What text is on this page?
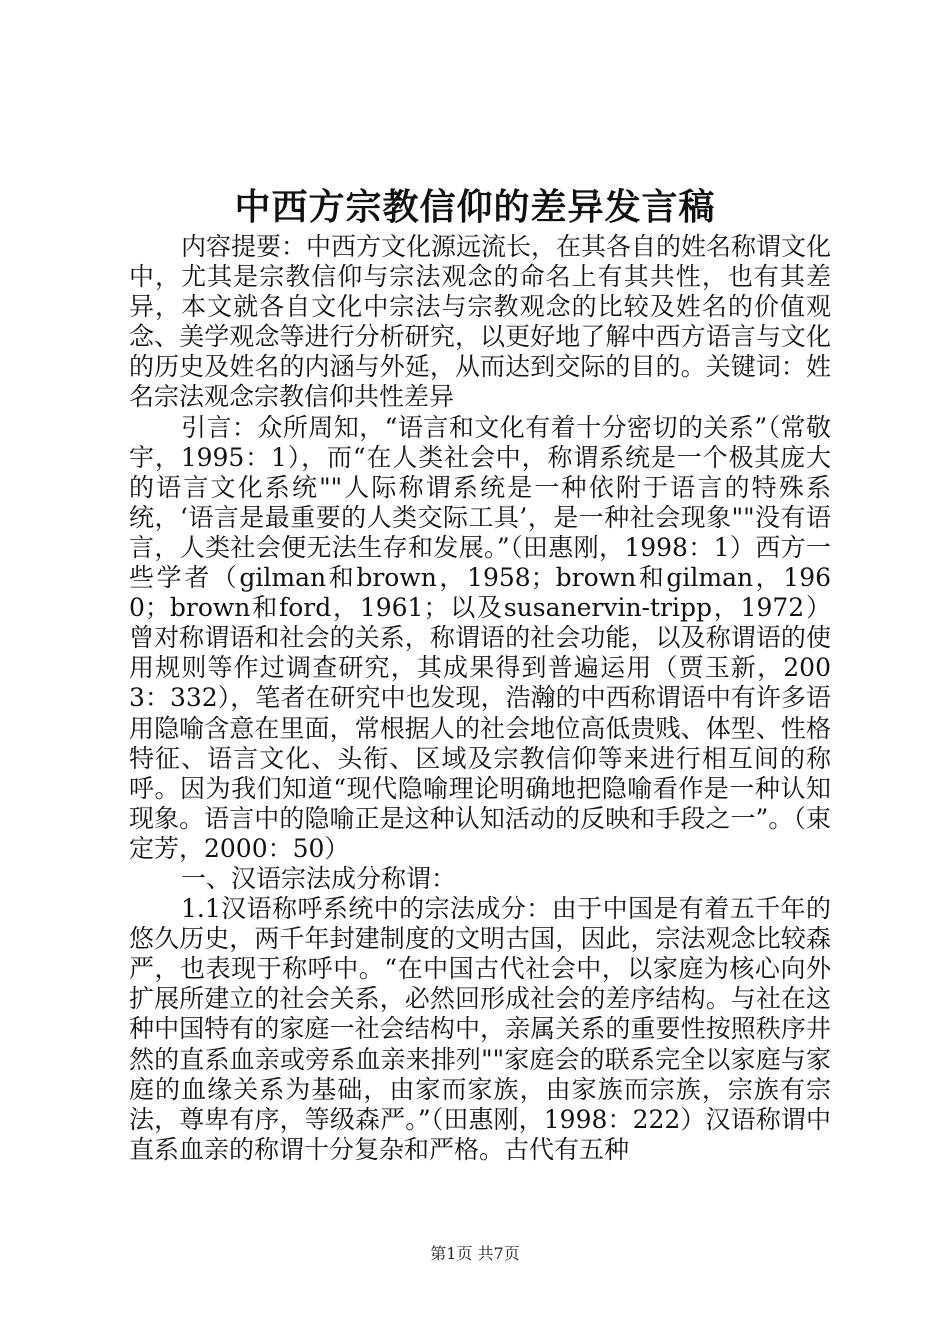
中西方宗教信仰的差异发言稿

内容提要：中西方文化源远流长，在其各自的姓名称谓文化中，尤其是宗教信仰与宗法观念的命名上有其共性，也有其差异，本文就各自文化中宗法与宗教观念的比较及姓名的价值观念、美学观念等进行分析研究，以更好地了解中西方语言与文化的历史及姓名的内涵与外延，从而达到交际的目的。关键词：姓名宗法观念宗教信仰共性差异

引言：众所周知，“语言和文化有着十分密切的关系”（常敬宇，1995：1），而“在人类社会中，称谓系统是一个极其庞大的语言文化系统""人际称谓系统是一种依附于语言的特殊系统，‘语言是最重要的人类交际工具’，是一种社会现象""没有语言，人类社会便无法生存和发展。”（田惠刚，1998：1）西方一些学者（gilman和brown，1958；brown和gilman，1960；brown和ford，1961；以及susanervin-tripp，1972）曾对称谓语和社会的关系，称谓语的社会功能，以及称谓语的使用规则等作过调查研究，其成果得到普遍运用（贾玉新，2003：332），笔者在研究中也发现，浩瀚的中西称谓语中有许多语用隐喻含意在里面，常根据人的社会地位高低贵贱、体型、性格特征、语言文化、头衔、区域及宗教信仰等来进行相互间的称呼。因为我们知道“现代隐喻理论明确地把隐喻看作是一种认知现象。语言中的隐喻正是这种认知活动的反映和手段之一”。（束定芳，2000：50）

一、汉语宗法成分称谓：

1.1汉语称呼系统中的宗法成分：由于中国是有着五千年的悠久历史，两千年封建制度的文明古国，因此，宗法观念比较森严，也表现于称呼中。“在中国古代社会中，以家庭为核心向外扩展所建立的社会关系，必然回形成社会的差序结构。与社在这种中国特有的家庭一社会结构中，亲属关系的重要性按照秩序井然的直系血亲或旁系血亲来排列""家庭会的联系完全以家庭与家庭的血缘关系为基础，由家而家族，由家族而宗族，宗族有宗法，尊卑有序，等级森严。”（田惠刚，1998：222）汉语称谓中直系血亲的称谓十分复杂和严格。古代有五种

第1页 共7页
